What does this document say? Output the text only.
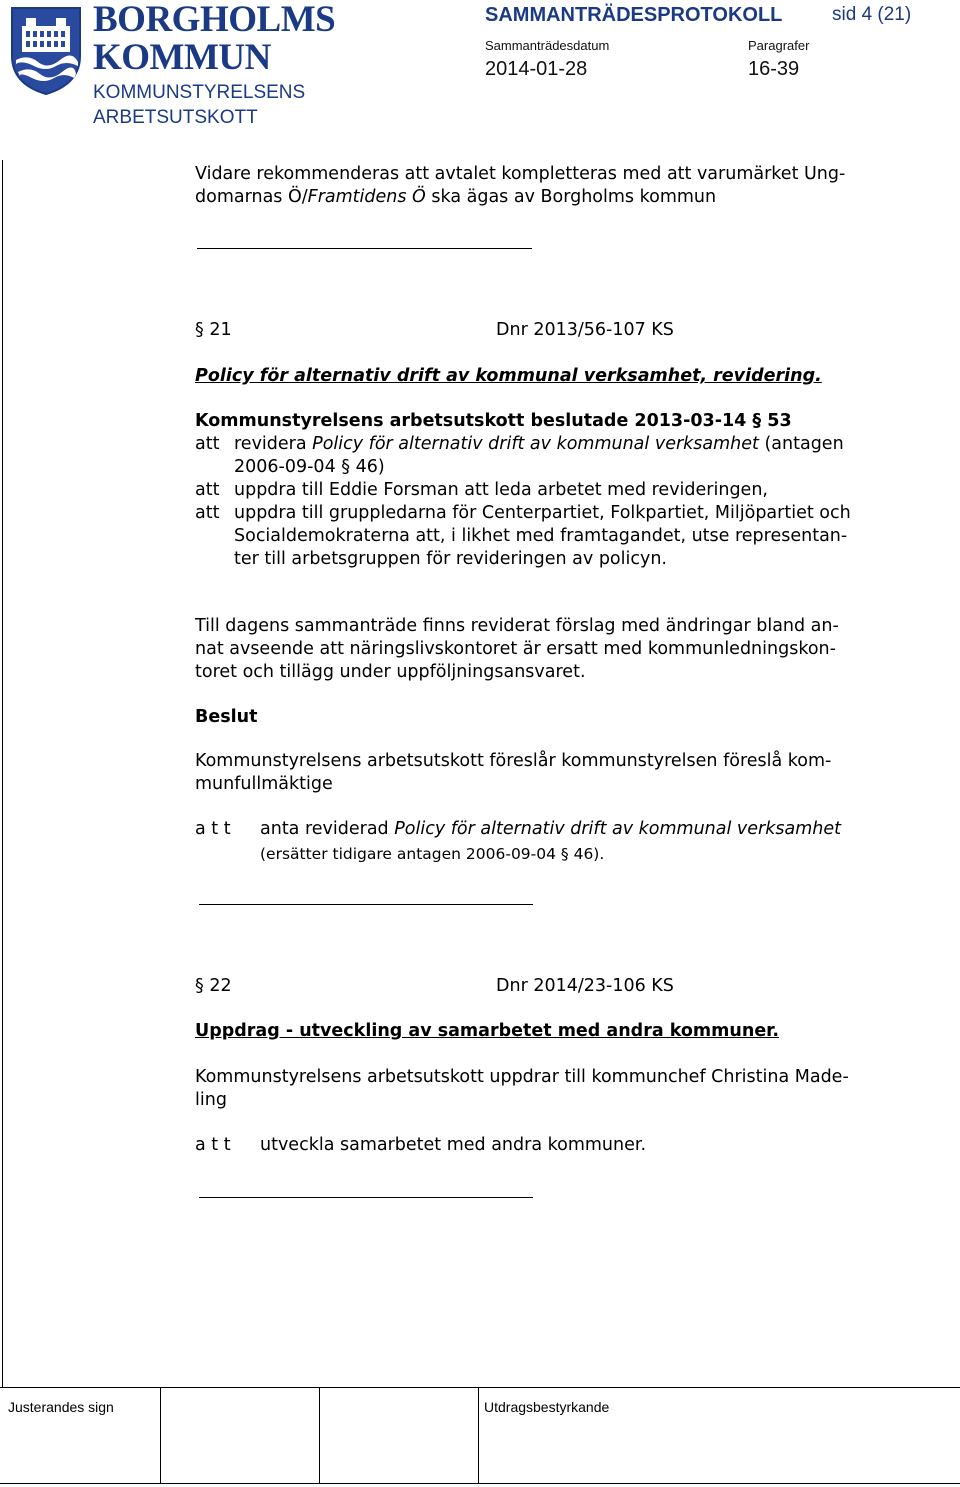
BORGHOLMS
KOMMUN
KOMMUNSTYRELSENS
ARBETSUTSKOTT
SAMMANTRÄDESPROTOKOLL	sid 4 (21)
Sammanträdesdatum	Paragrafer
2014-01-28	16-39
Vidare rekommenderas att avtalet kompletteras med att varumärket Ung-
domarnas Ö/Framtidens Ö ska ägas av Borgholms kommun
§ 21	Dnr 2013/56-107 KS
Policy för alternativ drift av kommunal verksamhet, revidering.
Kommunstyrelsens arbetsutskott beslutade 2013-03-14 § 53
att revidera Policy för alternativ drift av kommunal verksamhet (antagen
2006-09-04 § 46)
att uppdra till Eddie Forsman att leda arbetet med revideringen,
att uppdra till gruppledarna för Centerpartiet, Folkpartiet, Miljöpartiet och
Socialdemokraterna att, i likhet med framtagandet, utse representan-
ter till arbetsgruppen för revideringen av policyn.
Till dagens sammanträde finns reviderat förslag med ändringar bland an-
nat avseende att näringslivskontoret är ersatt med kommunledningskon-
toret och tillägg under uppföljningsansvaret.
Beslut
Kommunstyrelsens arbetsutskott föreslår kommunstyrelsen föreslå kom-
munfullmäktige
a t t anta reviderad Policy för alternativ drift av kommunal verksamhet
(ersätter tidigare antagen 2006-09-04 § 46).
§ 22	Dnr 2014/23-106 KS
Uppdrag - utveckling av samarbetet med andra kommuner.
Kommunstyrelsens arbetsutskott uppdrar till kommunchef Christina Made-
ling
a t t utveckla samarbetet med andra kommuner.
Justerandes sign	Utdragsbestyrkande
